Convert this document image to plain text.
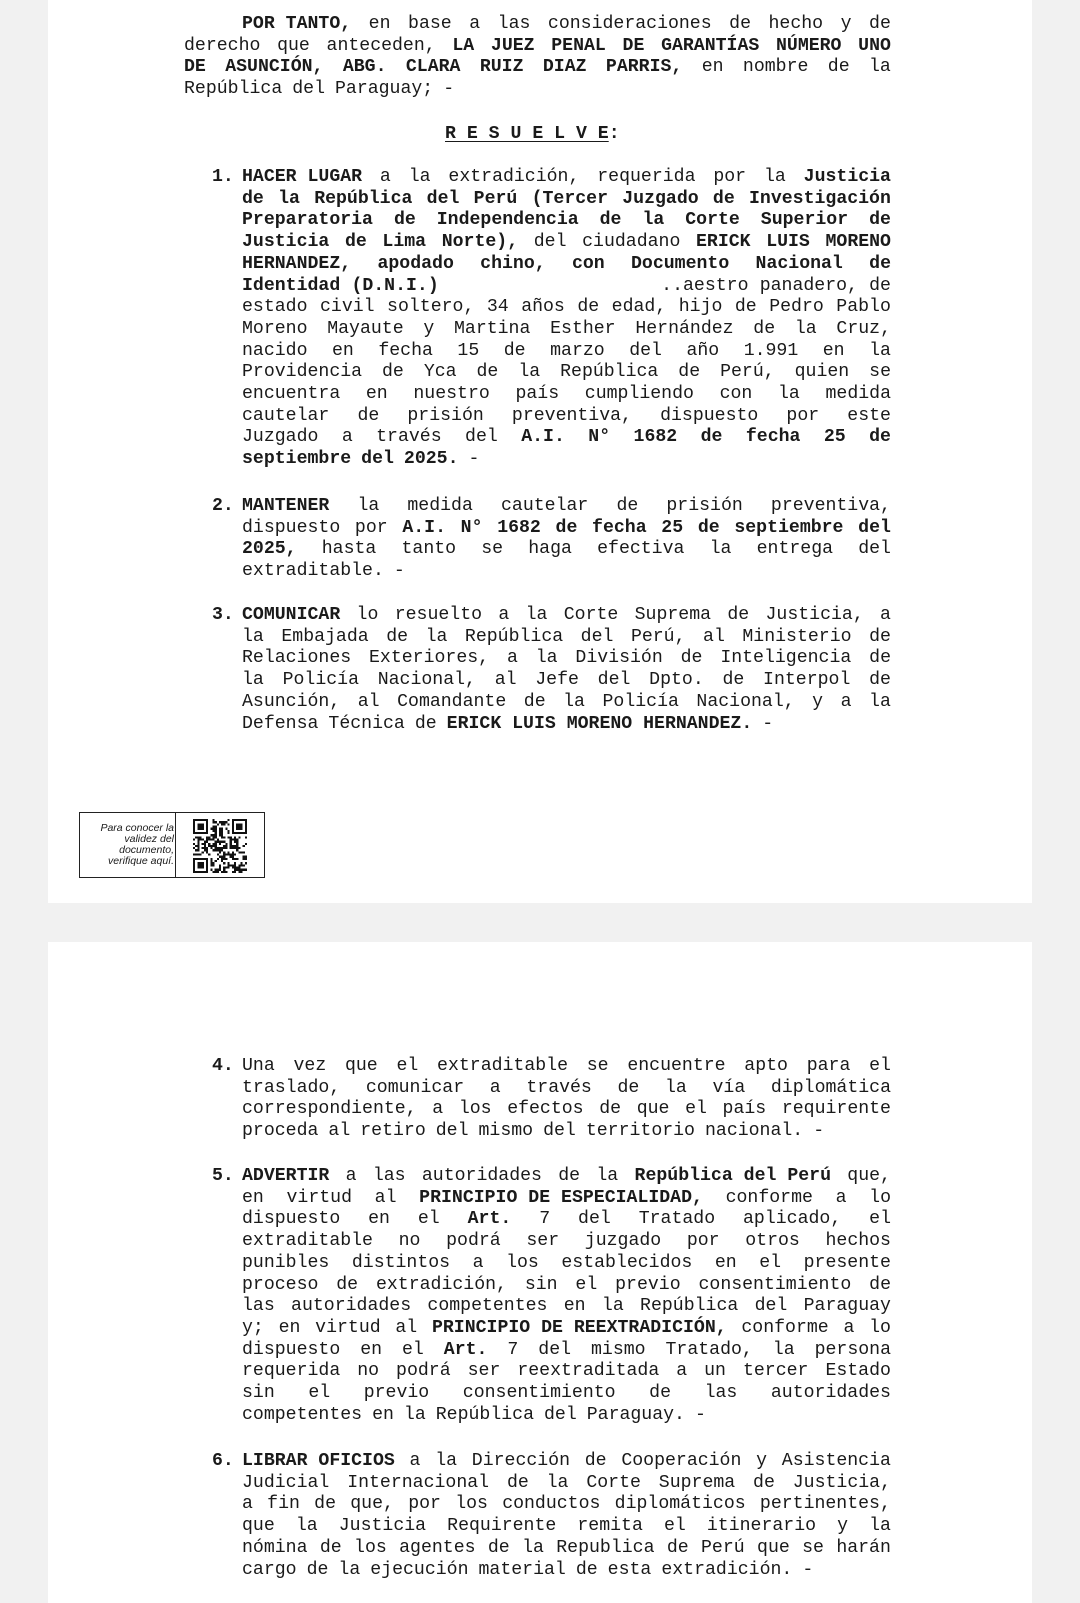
POR TANTO, en base a las consideraciones de hecho y de
derecho que anteceden, LA JUEZ PENAL DE GARANTÍAS NÚMERO UNO
DE ASUNCIÓN, ABG. CLARA RUIZ DIAZ PARRIS, en nombre de la
República del Paraguay; -
R E S U E L V E:
1. HACER LUGAR a la extradición, requerida por la Justicia
de la República del Perú (Tercer Juzgado de Investigación
Preparatoria de Independencia de la Corte Superior de
Justicia de Lima Norte), del ciudadano ERICK LUIS MORENO
HERNANDEZ, apodado chino, con Documento Nacional de
Identidad (D.N.I.)	..aestro panadero, de
estado civil soltero, 34 años de edad, hijo de Pedro Pablo
Moreno Mayaute y Martina Esther Hernández de la Cruz,
nacido en fecha 15 de marzo del año 1.991 en la
Providencia de Yca de la República de Perú, quien se
encuentra en nuestro país cumpliendo con la medida
cautelar de prisión preventiva, dispuesto por este
Juzgado a través del A.I. N° 1682 de fecha 25 de
septiembre del 2025. -
2. MANTENER la medida cautelar de prisión preventiva,
dispuesto por A.I. N° 1682 de fecha 25 de septiembre del
2025, hasta tanto se haga efectiva la entrega del
extraditable. -
3. COMUNICAR lo resuelto a la Corte Suprema de Justicia, a
la Embajada de la República del Perú, al Ministerio de
Relaciones Exteriores, a la División de Inteligencia de
la Policía Nacional, al Jefe del Dpto. de Interpol de
Asunción, al Comandante de la Policía Nacional, y a la
Defensa Técnica de ERICK LUIS MORENO HERNANDEZ. -
Para conocer la
validez del
documento,
verifique aquí.
4. Una vez que el extraditable se encuentre apto para el
traslado, comunicar a través de la vía diplomática
correspondiente, a los efectos de que el país requirente
proceda al retiro del mismo del territorio nacional. -
5. ADVERTIR a las autoridades de la República del Perú que,
en virtud al PRINCIPIO DE ESPECIALIDAD, conforme a lo
dispuesto en el Art. 7 del Tratado aplicado, el
extraditable no podrá ser juzgado por otros hechos
punibles distintos a los establecidos en el presente
proceso de extradición, sin el previo consentimiento de
las autoridades competentes en la República del Paraguay
y; en virtud al PRINCIPIO DE REEXTRADICIÓN, conforme a lo
dispuesto en el Art. 7 del mismo Tratado, la persona
requerida no podrá ser reextraditada a un tercer Estado
sin el previo consentimiento de las autoridades
competentes en la República del Paraguay. -
6. LIBRAR OFICIOS a la Dirección de Cooperación y Asistencia
Judicial Internacional de la Corte Suprema de Justicia,
a fin de que, por los conductos diplomáticos pertinentes,
que la Justicia Requirente remita el itinerario y la
nómina de los agentes de la Republica de Perú que se harán
cargo de la ejecución material de esta extradición. -
